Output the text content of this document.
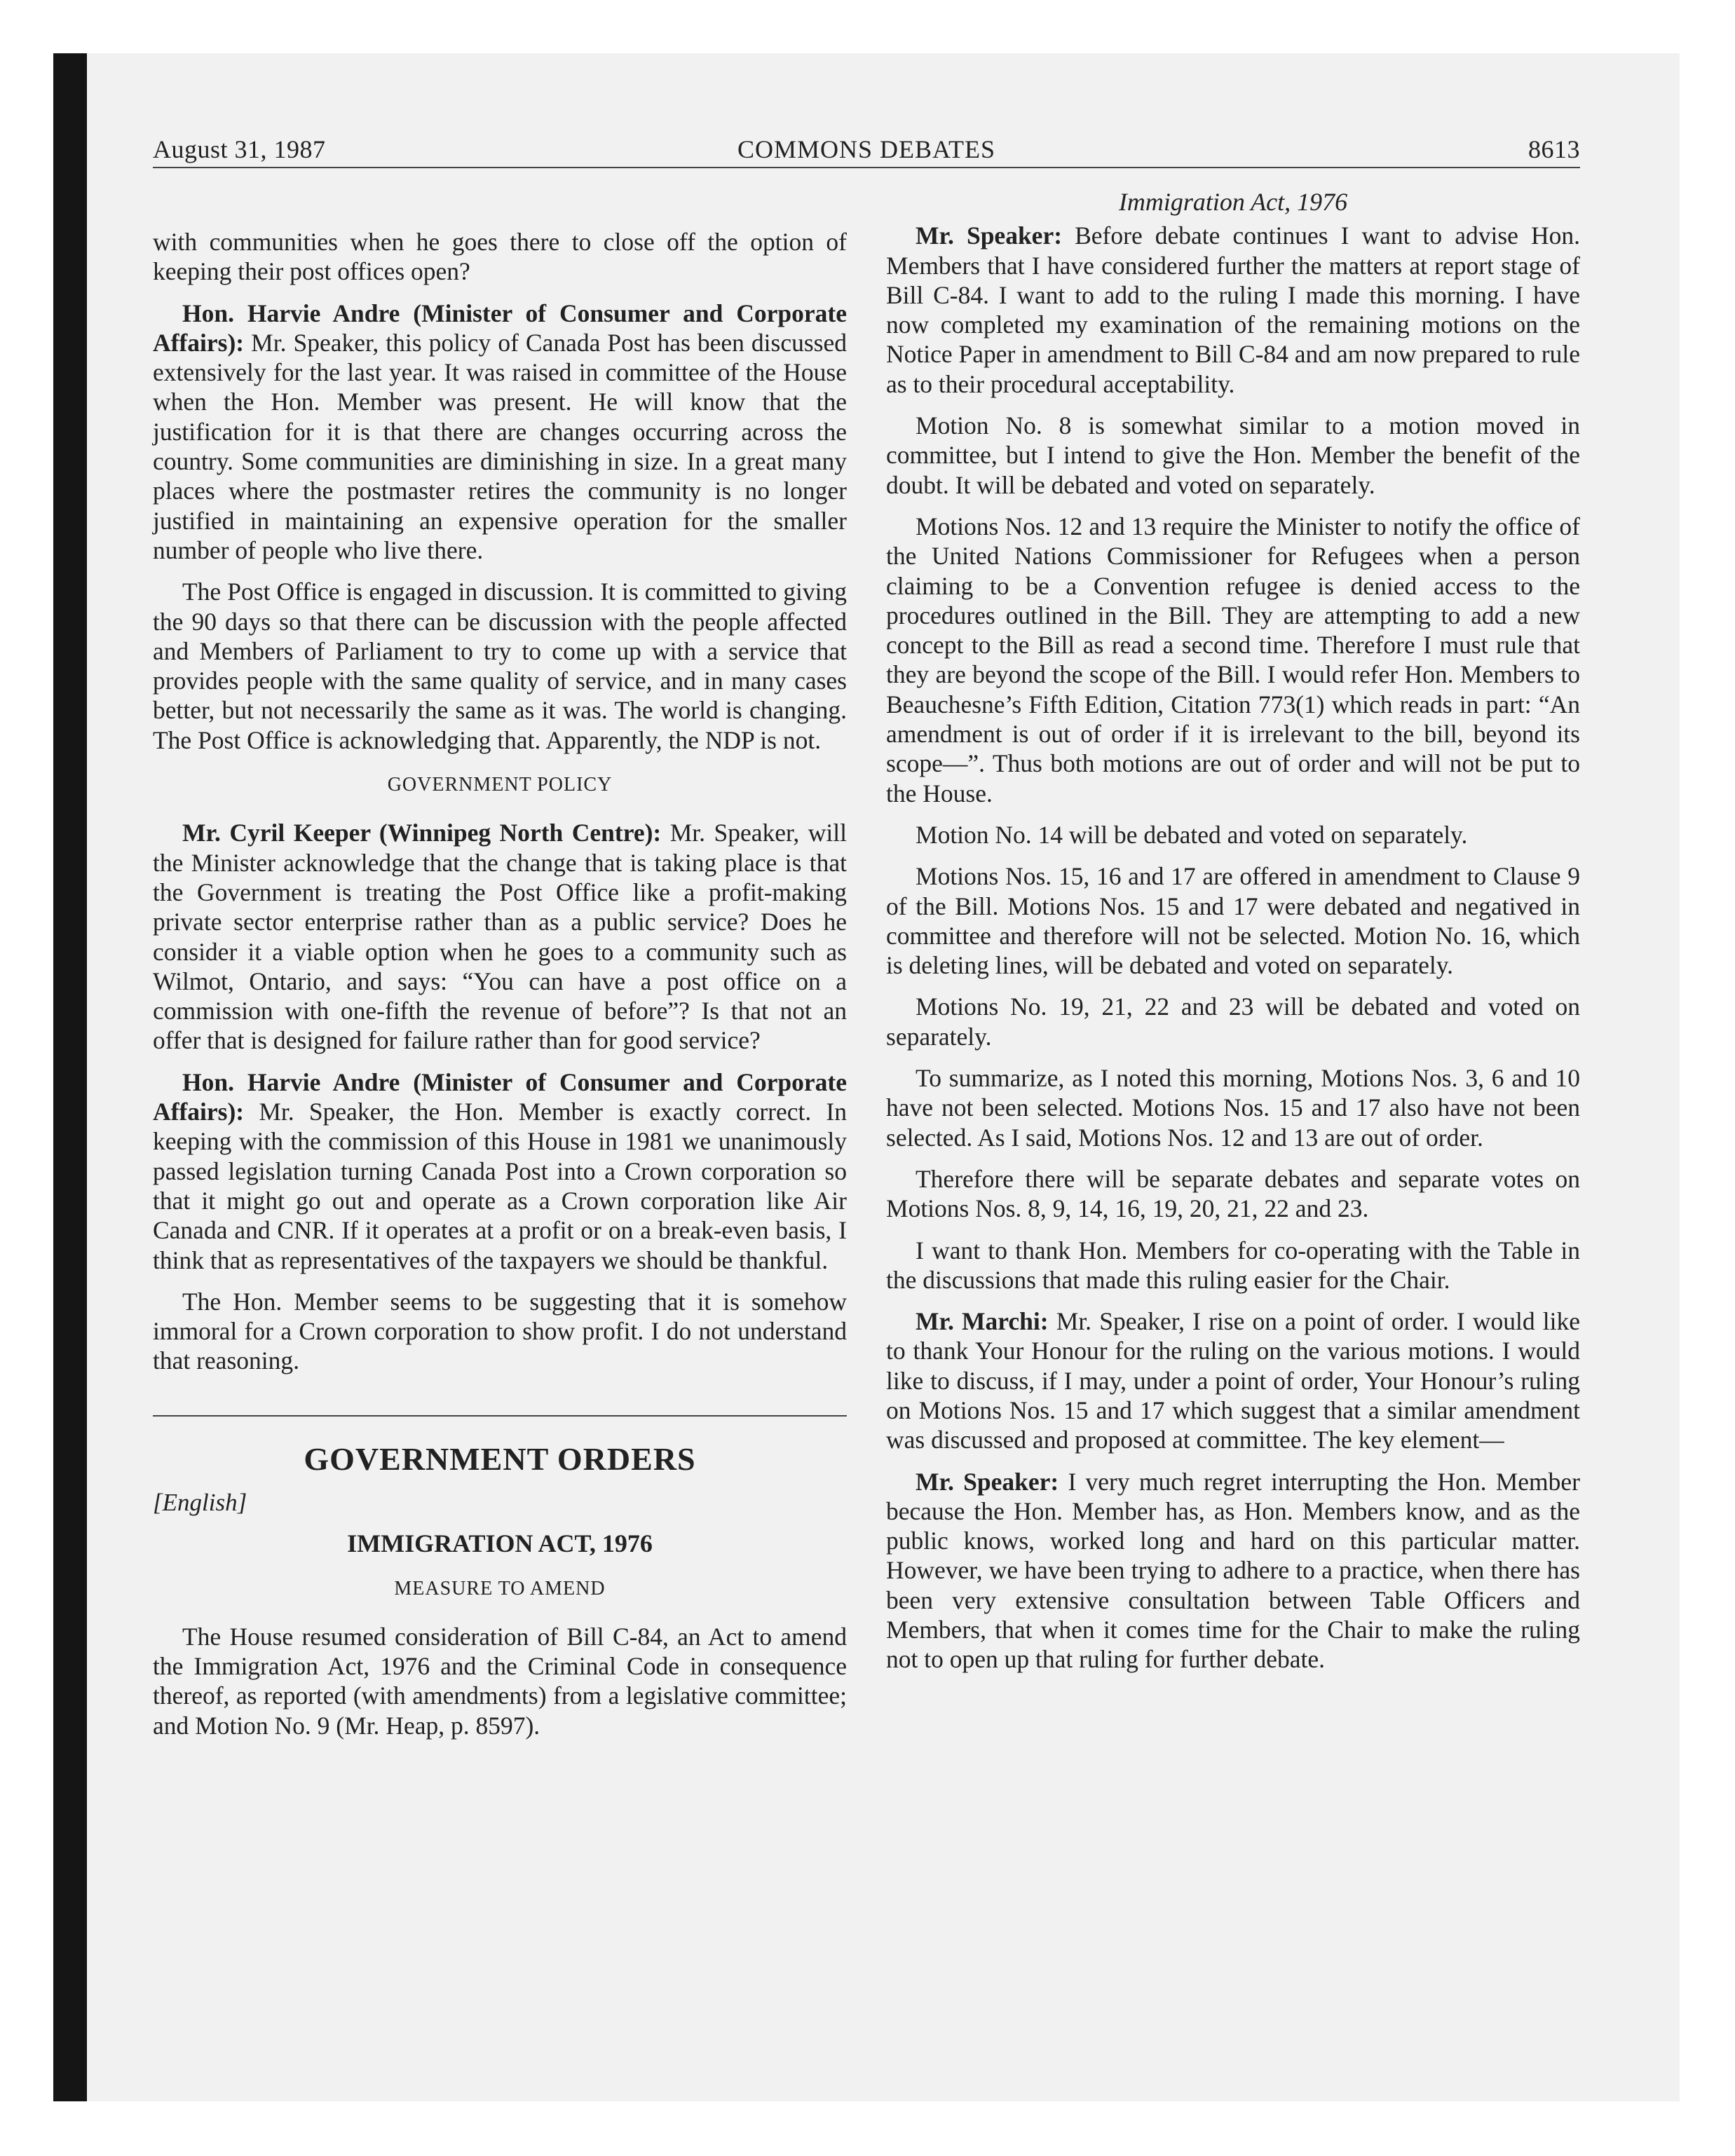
August 31, 1987	COMMONS DEBATES	8613

with communities when he goes there to close off the option of keeping their post offices open?

Hon. Harvie Andre (Minister of Consumer and Corporate Affairs): Mr. Speaker, this policy of Canada Post has been discussed extensively for the last year. It was raised in committee of the House when the Hon. Member was present. He will know that the justification for it is that there are changes occurring across the country. Some communities are diminishing in size. In a great many places where the postmaster retires the community is no longer justified in maintaining an expensive operation for the smaller number of people who live there.

The Post Office is engaged in discussion. It is committed to giving the 90 days so that there can be discussion with the people affected and Members of Parliament to try to come up with a service that provides people with the same quality of service, and in many cases better, but not necessarily the same as it was. The world is changing. The Post Office is acknowledging that. Apparently, the NDP is not.

GOVERNMENT POLICY

Mr. Cyril Keeper (Winnipeg North Centre): Mr. Speaker, will the Minister acknowledge that the change that is taking place is that the Government is treating the Post Office like a profit-making private sector enterprise rather than as a public service? Does he consider it a viable option when he goes to a community such as Wilmot, Ontario, and says: “You can have a post office on a commission with one-fifth the revenue of before”? Is that not an offer that is designed for failure rather than for good service?

Hon. Harvie Andre (Minister of Consumer and Corporate Affairs): Mr. Speaker, the Hon. Member is exactly correct. In keeping with the commission of this House in 1981 we unanimously passed legislation turning Canada Post into a Crown corporation so that it might go out and operate as a Crown corporation like Air Canada and CNR. If it operates at a profit or on a break-even basis, I think that as representatives of the taxpayers we should be thankful.

The Hon. Member seems to be suggesting that it is somehow immoral for a Crown corporation to show profit. I do not understand that reasoning.

GOVERNMENT ORDERS
[English]
IMMIGRATION ACT, 1976
MEASURE TO AMEND

The House resumed consideration of Bill C-84, an Act to amend the Immigration Act, 1976 and the Criminal Code in consequence thereof, as reported (with amendments) from a legislative committee; and Motion No. 9 (Mr. Heap, p. 8597).

Immigration Act, 1976

Mr. Speaker: Before debate continues I want to advise Hon. Members that I have considered further the matters at report stage of Bill C-84. I want to add to the ruling I made this morning. I have now completed my examination of the remaining motions on the Notice Paper in amendment to Bill C-84 and am now prepared to rule as to their procedural acceptability.

Motion No. 8 is somewhat similar to a motion moved in committee, but I intend to give the Hon. Member the benefit of the doubt. It will be debated and voted on separately.

Motions Nos. 12 and 13 require the Minister to notify the office of the United Nations Commissioner for Refugees when a person claiming to be a Convention refugee is denied access to the procedures outlined in the Bill. They are attempting to add a new concept to the Bill as read a second time. Therefore I must rule that they are beyond the scope of the Bill. I would refer Hon. Members to Beauchesne’s Fifth Edition, Citation 773(1) which reads in part: “An amendment is out of order if it is irrelevant to the bill, beyond its scope—”. Thus both motions are out of order and will not be put to the House.

Motion No. 14 will be debated and voted on separately.

Motions Nos. 15, 16 and 17 are offered in amendment to Clause 9 of the Bill. Motions Nos. 15 and 17 were debated and negatived in committee and therefore will not be selected. Motion No. 16, which is deleting lines, will be debated and voted on separately.

Motions No. 19, 21, 22 and 23 will be debated and voted on separately.

To summarize, as I noted this morning, Motions Nos. 3, 6 and 10 have not been selected. Motions Nos. 15 and 17 also have not been selected. As I said, Motions Nos. 12 and 13 are out of order.

Therefore there will be separate debates and separate votes on Motions Nos. 8, 9, 14, 16, 19, 20, 21, 22 and 23.

I want to thank Hon. Members for co-operating with the Table in the discussions that made this ruling easier for the Chair.

Mr. Marchi: Mr. Speaker, I rise on a point of order. I would like to thank Your Honour for the ruling on the various motions. I would like to discuss, if I may, under a point of order, Your Honour’s ruling on Motions Nos. 15 and 17 which suggest that a similar amendment was discussed and proposed at committee. The key element—

Mr. Speaker: I very much regret interrupting the Hon. Member because the Hon. Member has, as Hon. Members know, and as the public knows, worked long and hard on this particular matter. However, we have been trying to adhere to a practice, when there has been very extensive consultation between Table Officers and Members, that when it comes time for the Chair to make the ruling not to open up that ruling for further debate.
